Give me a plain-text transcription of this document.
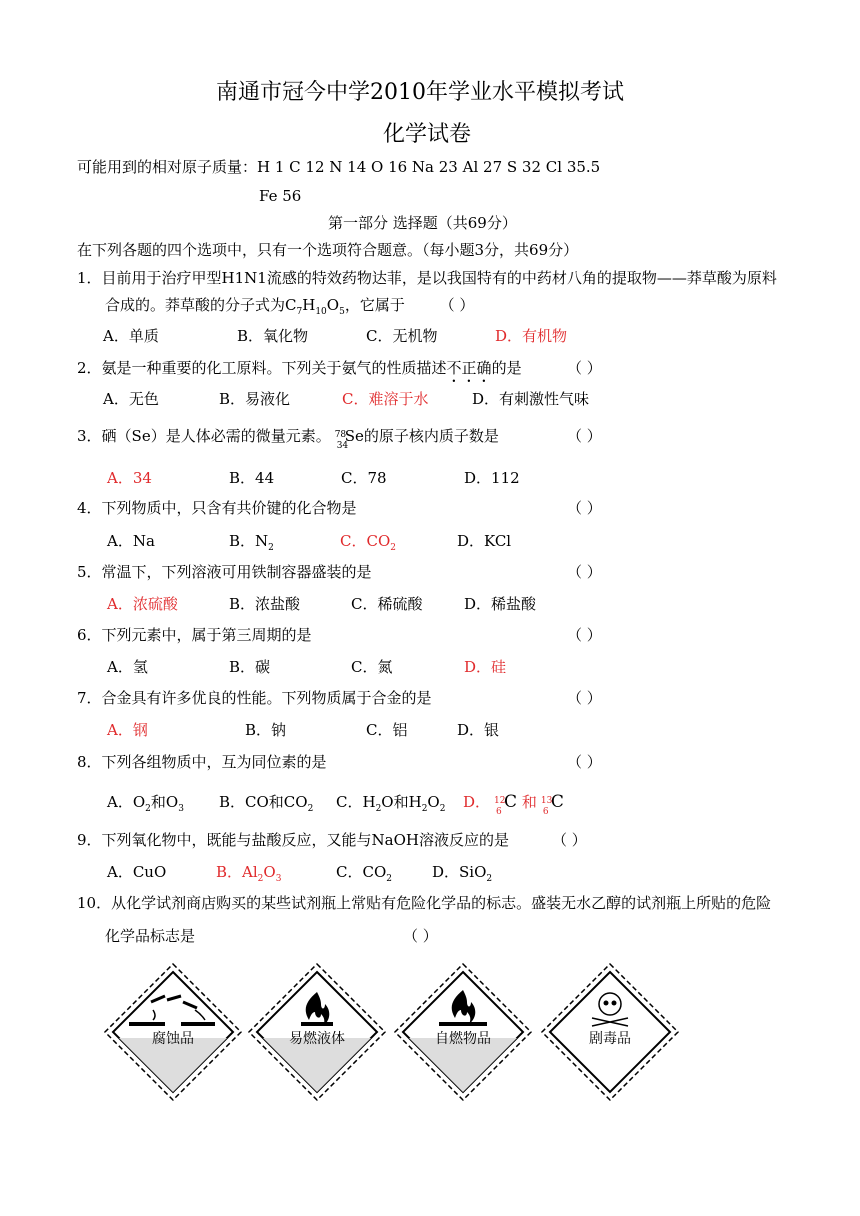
南通市冠今中学2010年学业水平模拟考试
化学试卷
可能用到的相对原子质量：H 1 C 12 N 14 O 16 Na 23 Al 27 S 32 Cl 35.5
Fe 56
第一部分 选择题（共69分）
在下列各题的四个选项中，只有一个选项符合题意。（每小题3分，共69分）
1．目前用于治疗甲型H1N1流感的特效药物达菲，是以我国特有的中药材八角的提取物——莽草酸为原料
合成的。莽草酸的分子式为$C_7H_{10}O_5$，它属于 （ ）
A．单质	B．氧化物	C．无机物	D．有机物
2．氨是一种重要的化工原料。下列关于氨气的性质描述不正确的是	（ ）
A．无色	B．易液化	C．难溶于水	D．有刺激性气味
3．硒（Se）是人体必需的微量元素。 78
34
Se的原子核内质子数是	（ ）
A．34	B．44	C．78	D．112
4．下列物质中，只含有共价键的化合物是	（ ）
A．Na	B．$N_2$	C．$CO_2$	D．KCl
5．常温下，下列溶液可用铁制容器盛装的是	（ ）
A．浓硫酸	B．浓盐酸	C．稀硫酸	D．稀盐酸
6．下列元素中，属于第三周期的是	（ ）
A．氢	B．碳	C．氮	D．硅
7．合金具有许多优良的性能。下列物质属于合金的是	（ ）
A．钢	B．钠	C．铝	D．银
8．下列各组物质中，互为同位素的是	（ ）
A．$O_2$和$O_3$ B．CO和$CO_2$ C．$H_2O$和$H_2O_2$ D． 12
6 C 和 13
6 C
9．下列氧化物中，既能与盐酸反应，又能与NaOH溶液反应的是	（ ）
A．CuO	B．$Al_2O_3$	C．$CO_2$	D．SiO$_2$
10．从化学试剂商店购买的某些试剂瓶上常贴有危险化学品的标志。盛装无水乙醇的试剂瓶上所贴的危险
化学品标志是	（ ）
腐蚀品	易燃液体	自燃物品	剧毒品
